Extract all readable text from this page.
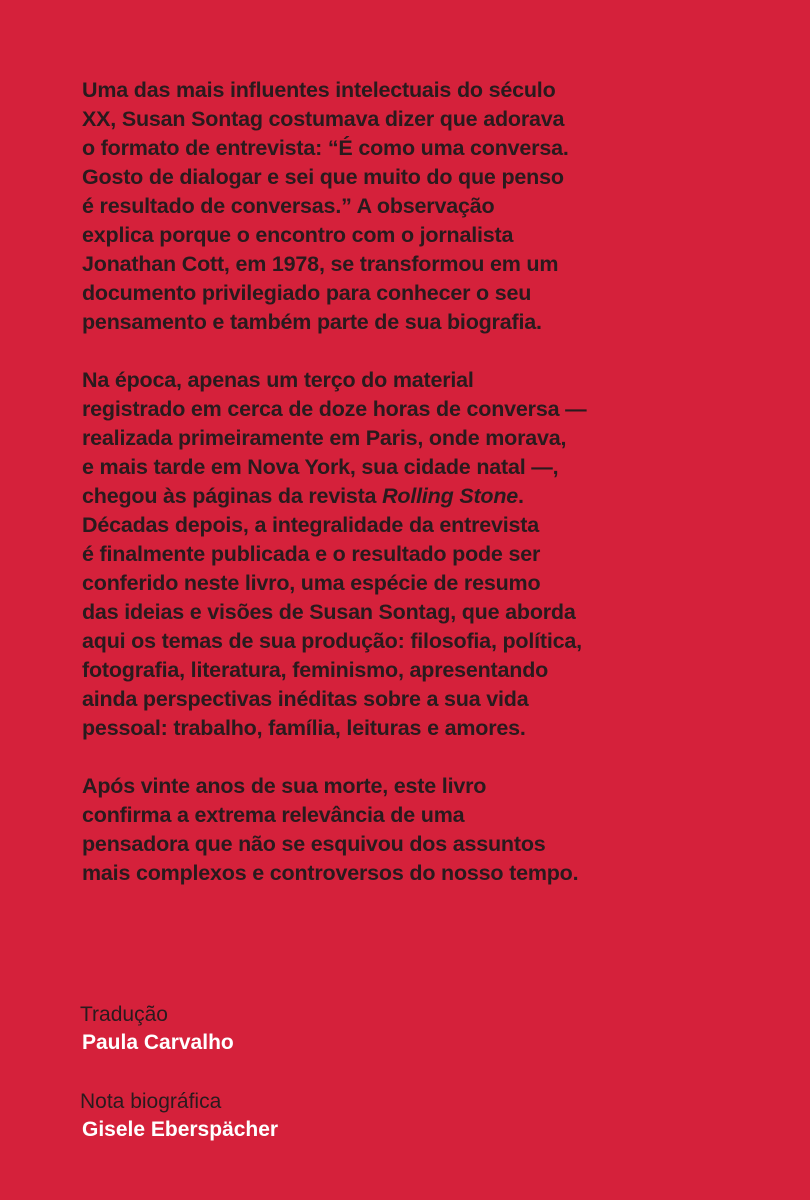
Uma das mais influentes intelectuais do século
XX, Susan Sontag costumava dizer que adorava
o formato de entrevista: “É como uma conversa.
Gosto de dialogar e sei que muito do que penso
é resultado de conversas.” A observação
explica porque o encontro com o jornalista
Jonathan Cott, em 1978, se transformou em um
documento privilegiado para conhecer o seu
pensamento e também parte de sua biografia.
Na época, apenas um terço do material
registrado em cerca de doze horas de conversa —
realizada primeiramente em Paris, onde morava,
e mais tarde em Nova York, sua cidade natal —,
chegou às páginas da revista Rolling Stone.
Décadas depois, a integralidade da entrevista
é finalmente publicada e o resultado pode ser
conferido neste livro, uma espécie de resumo
das ideias e visões de Susan Sontag, que aborda
aqui os temas de sua produção: filosofia, política,
fotografia, literatura, feminismo, apresentando
ainda perspectivas inéditas sobre a sua vida
pessoal: trabalho, família, leituras e amores.
Após vinte anos de sua morte, este livro
confirma a extrema relevância de uma
pensadora que não se esquivou dos assuntos
mais complexos e controversos do nosso tempo.
Tradução
Paula Carvalho
Nota biográfica
Gisele Eberspächer
